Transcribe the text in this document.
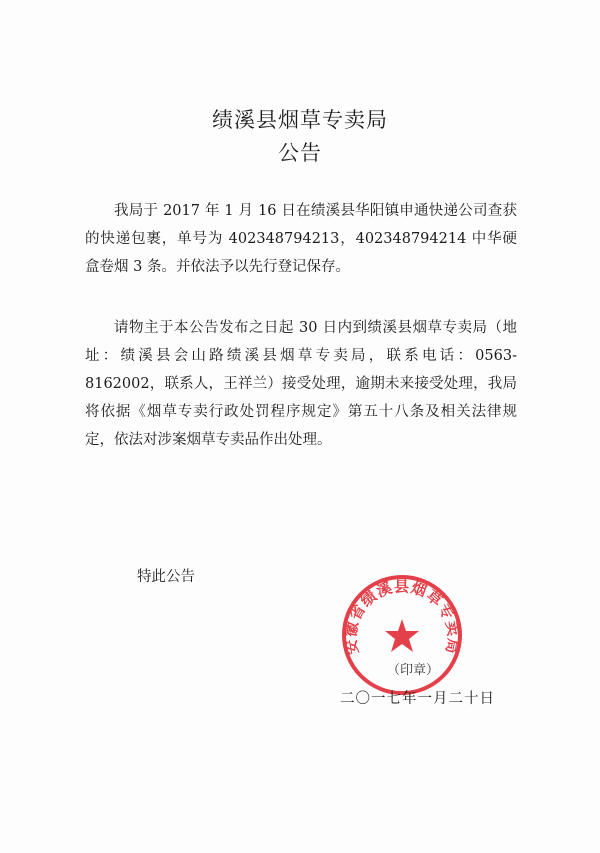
绩溪县烟草专卖局
公告
我局于 2017 年 1 月 16 日在绩溪县华阳镇申通快递公司查获的快递包裹，单号为 402348794213，402348794214 中华硬盒卷烟 3 条。并依法予以先行登记保存。
请物主于本公告发布之日起 30 日内到绩溪县烟草专卖局（地址：绩溪县会山路绩溪县烟草专卖局，联系电话：0563-8162002，联系人，王祥兰）接受处理，逾期未来接受处理，我局将依据《烟草专卖行政处罚程序规定》第五十八条及相关法律规定，依法对涉案烟草专卖品作出处理。
特此公告
安徽省绩溪县烟草专卖局
（印章）
二〇一七年一月二十日
